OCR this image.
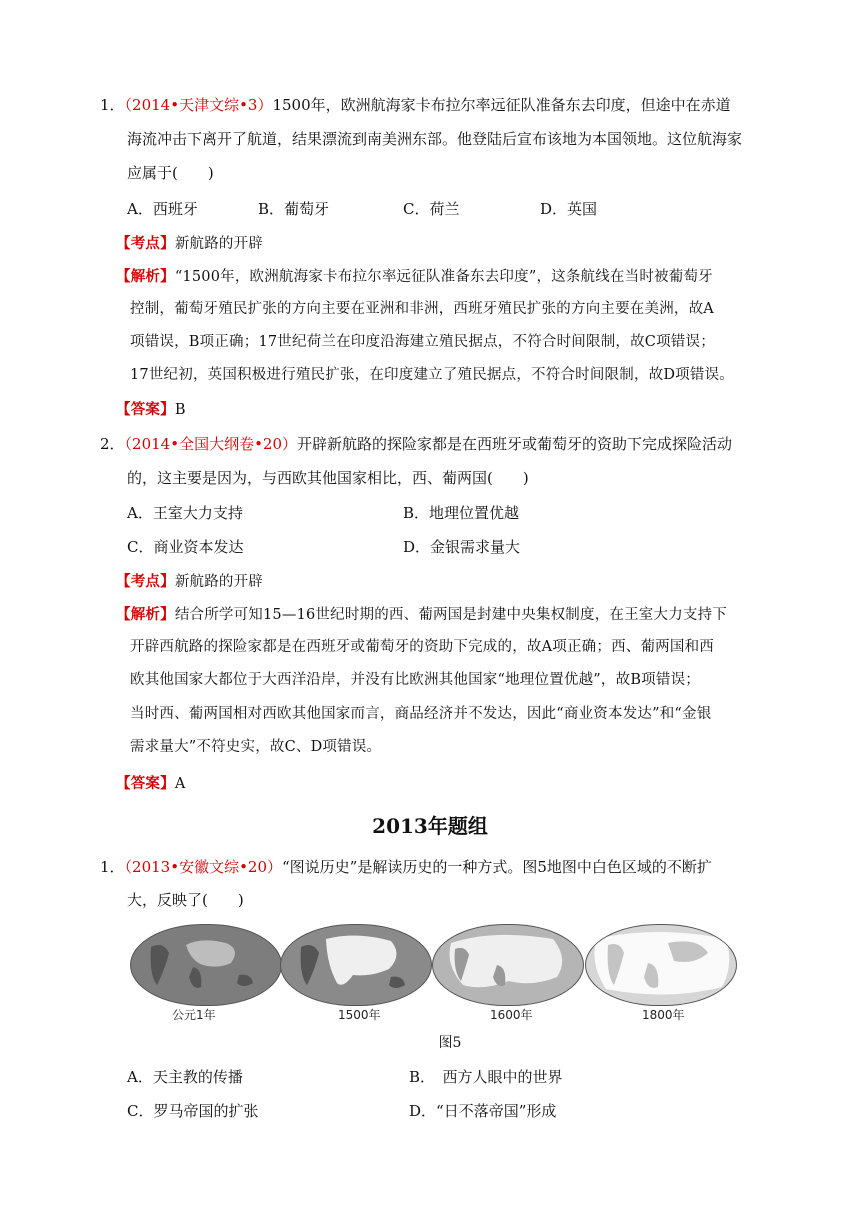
1．（2014•天津文综•3）1500年，欧洲航海家卡布拉尔率远征队准备东去印度，但途中在赤道
海流冲击下离开了航道，结果漂流到南美洲东部。他登陆后宣布该地为本国领地。这位航海家
应属于(　　)
A．西班牙	B．葡萄牙	C．荷兰	D．英国
【考点】新航路的开辟
【解析】“1500年，欧洲航海家卡布拉尔率远征队准备东去印度”，这条航线在当时被葡萄牙
控制，葡萄牙殖民扩张的方向主要在亚洲和非洲，西班牙殖民扩张的方向主要在美洲，故A
项错误，B项正确；17世纪荷兰在印度沿海建立殖民据点，不符合时间限制，故C项错误；
17世纪初，英国积极进行殖民扩张，在印度建立了殖民据点，不符合时间限制，故D项错误。
【答案】B
2．（2014•全国大纲卷•20）开辟新航路的探险家都是在西班牙或葡萄牙的资助下完成探险活动
的，这主要是因为，与西欧其他国家相比，西、葡两国(　　)
A．王室大力支持	B．地理位置优越
C．商业资本发达	D．金银需求量大
【考点】新航路的开辟
【解析】结合所学可知15—16世纪时期的西、葡两国是封建中央集权制度，在王室大力支持下
开辟西航路的探险家都是在西班牙或葡萄牙的资助下完成的，故A项正确；西、葡两国和西
欧其他国家大都位于大西洋沿岸，并没有比欧洲其他国家“地理位置优越”，故B项错误；
当时西、葡两国相对西欧其他国家而言，商品经济并不发达，因此“商业资本发达”和“金银
需求量大”不符史实，故C、D项错误。
【答案】A
2013年题组
1．（2013•安徽文综•20）“图说历史”是解读历史的一种方式。图5地图中白色区域的不断扩
大，反映了(　　)
公元1年	1500年	1600年	1800年
图5
A．天主教的传播	B．　西方人眼中的世界
C．罗马帝国的扩张	D．“日不落帝国”形成
